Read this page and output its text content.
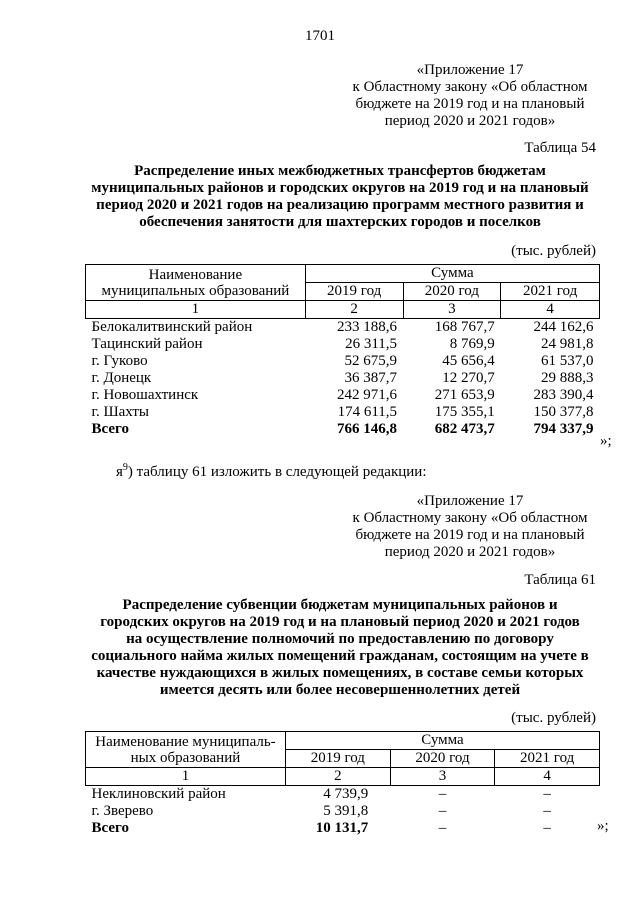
1701
«Приложение 17
к Областному закону «Об областном
бюджете на 2019 год и на плановый
период 2020 и 2021 годов»
Таблица 54
Распределение иных межбюджетных трансфертов бюджетам
муниципальных районов и городских округов на 2019 год и на плановый
период 2020 и 2021 годов на реализацию программ местного развития и
обеспечения занятости для шахтерских городов и поселков
(тыс. рублей)
Наименование
муниципальных образований	Сумма		
	2019 год	2020 год	2021 год
1	2	3	4
Белокалитвинский район	233 188,6	168 767,7	244 162,6
Тацинский район	26 311,5	8 769,9	24 981,8
г. Гуково	52 675,9	45 656,4	61 537,0
г. Донецк	36 387,7	12 270,7	29 888,3
г. Новошахтинск	242 971,6	271 653,9	283 390,4
г. Шахты	174 611,5	175 355,1	150 377,8
Всего	766 146,8	682 473,7	794 337,9
»;
$я^9$) таблицу 61 изложить в следующей редакции:
«Приложение 17
к Областному закону «Об областном
бюджете на 2019 год и на плановый
период 2020 и 2021 годов»
Таблица 61
Распределение субвенции бюджетам муниципальных районов и
городских округов на 2019 год и на плановый период 2020 и 2021 годов
на осуществление полномочий по предоставлению по договору
социального найма жилых помещений гражданам, состоящим на учете в
качестве нуждающихся в жилых помещениях, в составе семьи которых
имеется десять или более несовершеннолетних детей
(тыс. рублей)
Наименование муниципаль-
ных образований	Сумма		
	2019 год	2020 год	2021 год
1	2	3	4
Неклиновский район	4 739,9	–	–
г. Зверево	5 391,8	–	–
Всего	10 131,7	–	–	»;
